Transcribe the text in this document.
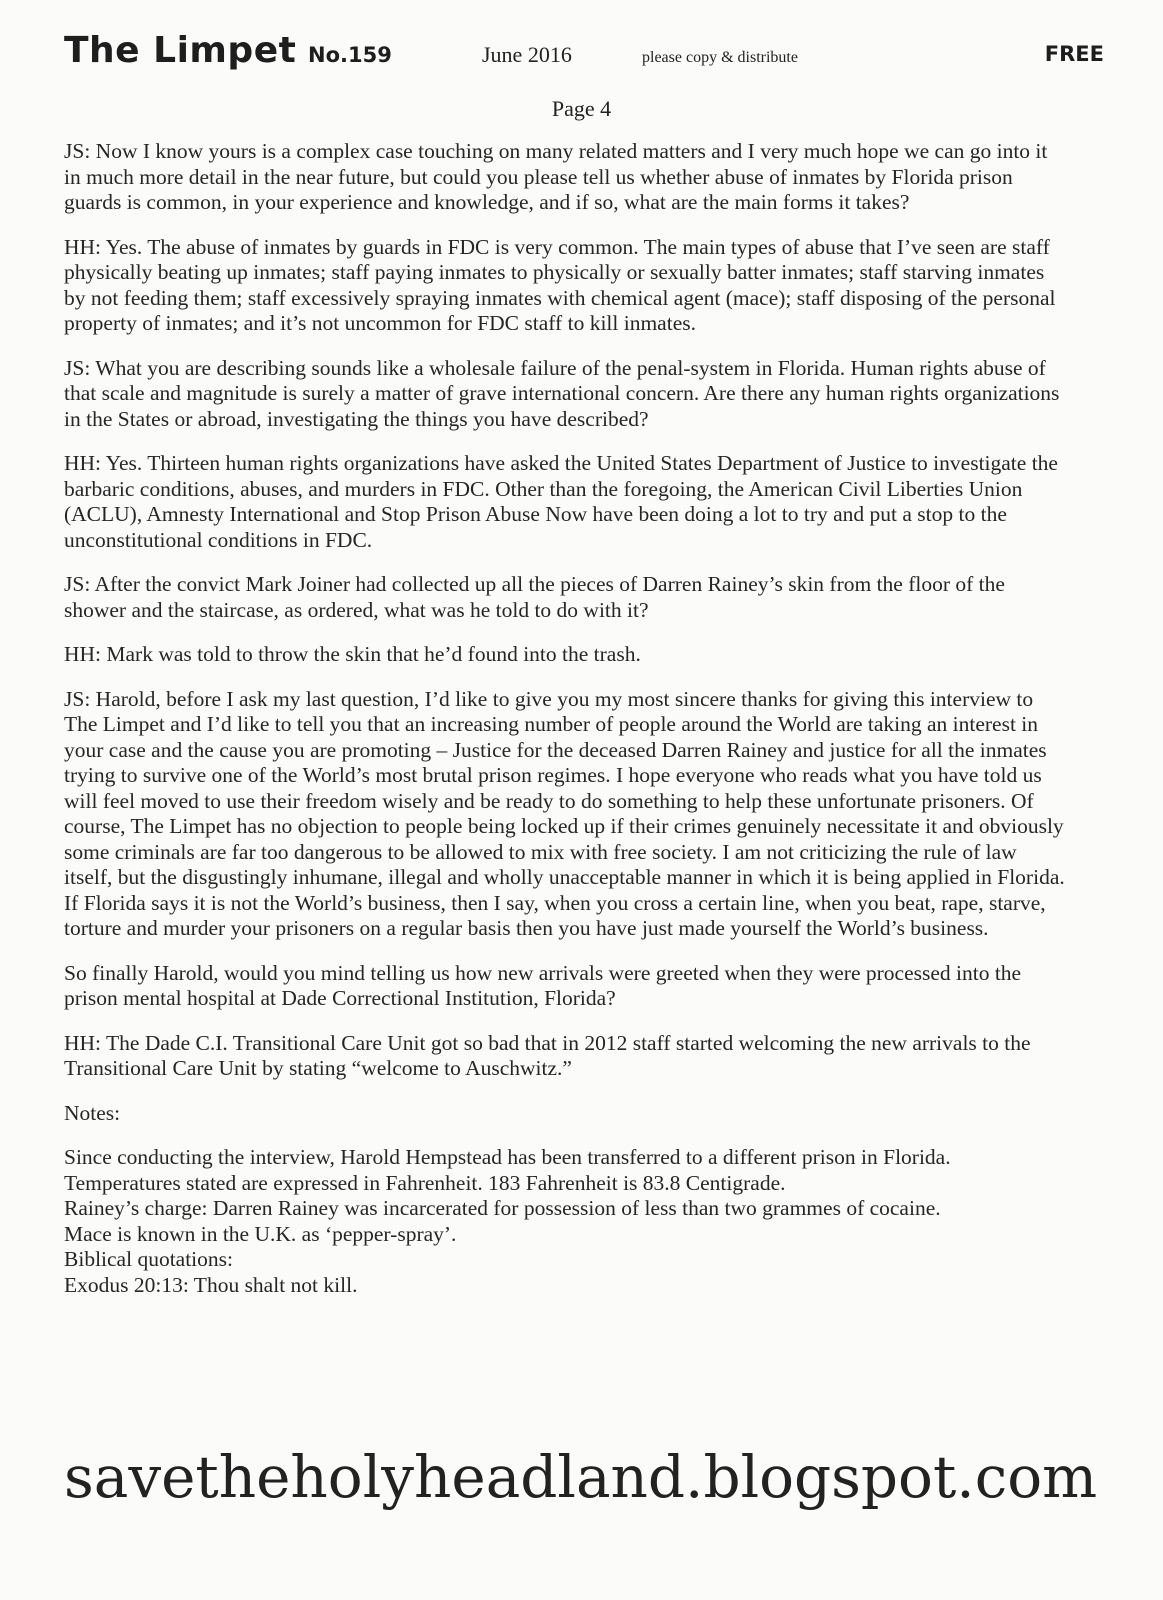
The Limpet No.159	June 2016	please copy & distribute	FREE
Page 4

JS: Now I know yours is a complex case touching on many related matters and I very much hope we can go into it in much more detail in the near future, but could you please tell us whether abuse of inmates by Florida prison guards is common, in your experience and knowledge, and if so, what are the main forms it takes?

HH: Yes. The abuse of inmates by guards in FDC is very common. The main types of abuse that I’ve seen are staff physically beating up inmates; staff paying inmates to physically or sexually batter inmates; staff starving inmates by not feeding them; staff excessively spraying inmates with chemical agent (mace); staff disposing of the personal property of inmates; and it’s not uncommon for FDC staff to kill inmates.

JS: What you are describing sounds like a wholesale failure of the penal-system in Florida. Human rights abuse of that scale and magnitude is surely a matter of grave international concern. Are there any human rights organizations in the States or abroad, investigating the things you have described?

HH: Yes. Thirteen human rights organizations have asked the United States Department of Justice to investigate the barbaric conditions, abuses, and murders in FDC. Other than the foregoing, the American Civil Liberties Union (ACLU), Amnesty International and Stop Prison Abuse Now have been doing a lot to try and put a stop to the unconstitutional conditions in FDC.

JS: After the convict Mark Joiner had collected up all the pieces of Darren Rainey’s skin from the floor of the shower and the staircase, as ordered, what was he told to do with it?

HH: Mark was told to throw the skin that he’d found into the trash.

JS: Harold, before I ask my last question, I’d like to give you my most sincere thanks for giving this interview to The Limpet and I’d like to tell you that an increasing number of people around the World are taking an interest in your case and the cause you are promoting – Justice for the deceased Darren Rainey and justice for all the inmates trying to survive one of the World’s most brutal prison regimes. I hope everyone who reads what you have told us will feel moved to use their freedom wisely and be ready to do something to help these unfortunate prisoners. Of course, The Limpet has no objection to people being locked up if their crimes genuinely necessitate it and obviously some criminals are far too dangerous to be allowed to mix with free society. I am not criticizing the rule of law itself, but the disgustingly inhumane, illegal and wholly unacceptable manner in which it is being applied in Florida. If Florida says it is not the World’s business, then I say, when you cross a certain line, when you beat, rape, starve, torture and murder your prisoners on a regular basis then you have just made yourself the World’s business.

So finally Harold, would you mind telling us how new arrivals were greeted when they were processed into the prison mental hospital at Dade Correctional Institution, Florida?

HH: The Dade C.I. Transitional Care Unit got so bad that in 2012 staff started welcoming the new arrivals to the Transitional Care Unit by stating “welcome to Auschwitz.”

Notes:

Since conducting the interview, Harold Hempstead has been transferred to a different prison in Florida.

Temperatures stated are expressed in Fahrenheit. 183 Fahrenheit is 83.8 Centigrade.

Rainey’s charge: Darren Rainey was incarcerated for possession of less than two grammes of cocaine.

Mace is known in the U.K. as ‘pepper-spray’.

Biblical quotations:

Exodus 20:13: Thou shalt not kill.

savetheholyheadland.blogspot.com
